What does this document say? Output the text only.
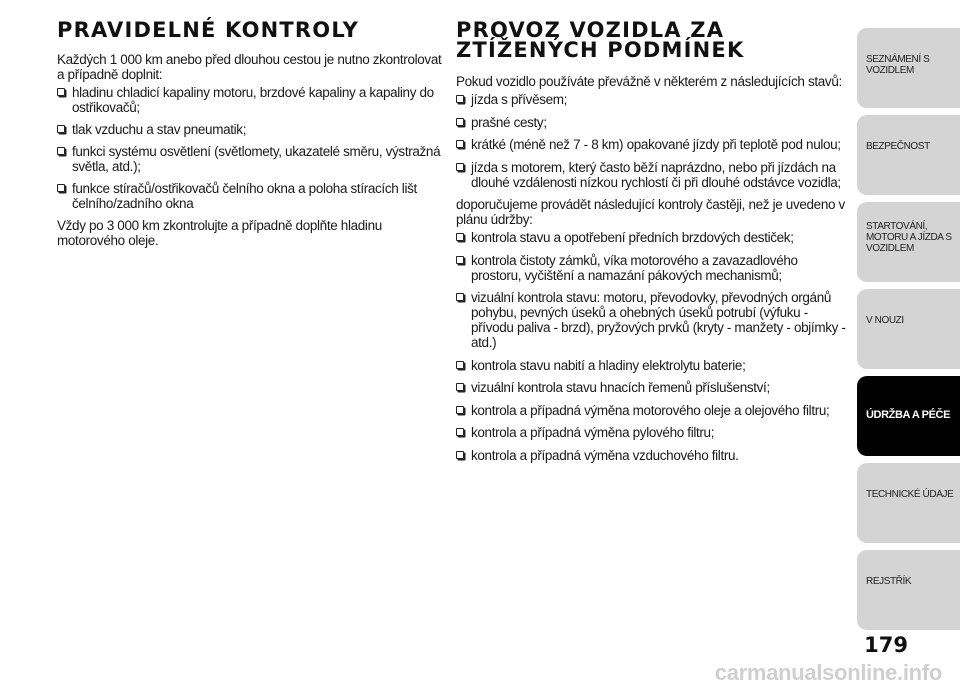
PRAVIDELNÉ KONTROLY

Každých 1 000 km anebo před dlouhou cestou je nutno zkontrolovat a případně doplnit:

hladinu chladicí kapaliny motoru, brzdové kapaliny a kapaliny do ostřikovačů;
tlak vzduchu a stav pneumatik;
funkci systému osvětlení (světlomety, ukazatelé směru, výstražná světla, atd.);
funkce stíračů/ostřikovačů čelního okna a poloha stíracích lišt čelního/zadního okna

Vždy po 3 000 km zkontrolujte a případně doplňte hladinu motorového oleje.

PROVOZ VOZIDLA ZA
ZTÍŽENÝCH PODMÍNEK

Pokud vozidlo používáte převážně v některém z následujících stavů:

jízda s přívěsem;
prašné cesty;
krátké (méně než 7 - 8 km) opakované jízdy při teplotě pod nulou;
jízda s motorem, který často běží naprázdno, nebo při jízdách na dlouhé vzdálenosti nízkou rychlostí či při dlouhé odstávce vozidla;

doporučujeme provádět následující kontroly častěji, než je uvedeno v plánu údržby:

kontrola stavu a opotřebení předních brzdových destiček;
kontrola čistoty zámků, víka motorového a zavazadlového prostoru, vyčištění a namazání pákových mechanismů;
vizuální kontrola stavu: motoru, převodovky, převodných orgánů pohybu, pevných úseků a ohebných úseků potrubí (výfuku - přívodu paliva - brzd), pryžových prvků (kryty - manžety - objímky - atd.)
kontrola stavu nabití a hladiny elektrolytu baterie;
vizuální kontrola stavu hnacích řemenů příslušenství;
kontrola a případná výměna motorového oleje a olejového filtru;
kontrola a případná výměna pylového filtru;
kontrola a případná výměna vzduchového filtru.
SEZNÁMENÍ S VOZIDLEM
BEZPEČNOST
STARTOVÁNÍ, MOTORU A JÍZDA S VOZIDLEM
V NOUZI
ÚDRŽBA A PÉČE
TECHNICKÉ ÚDAJE
REJSTŘÍK
179
carmanualsonline.info
